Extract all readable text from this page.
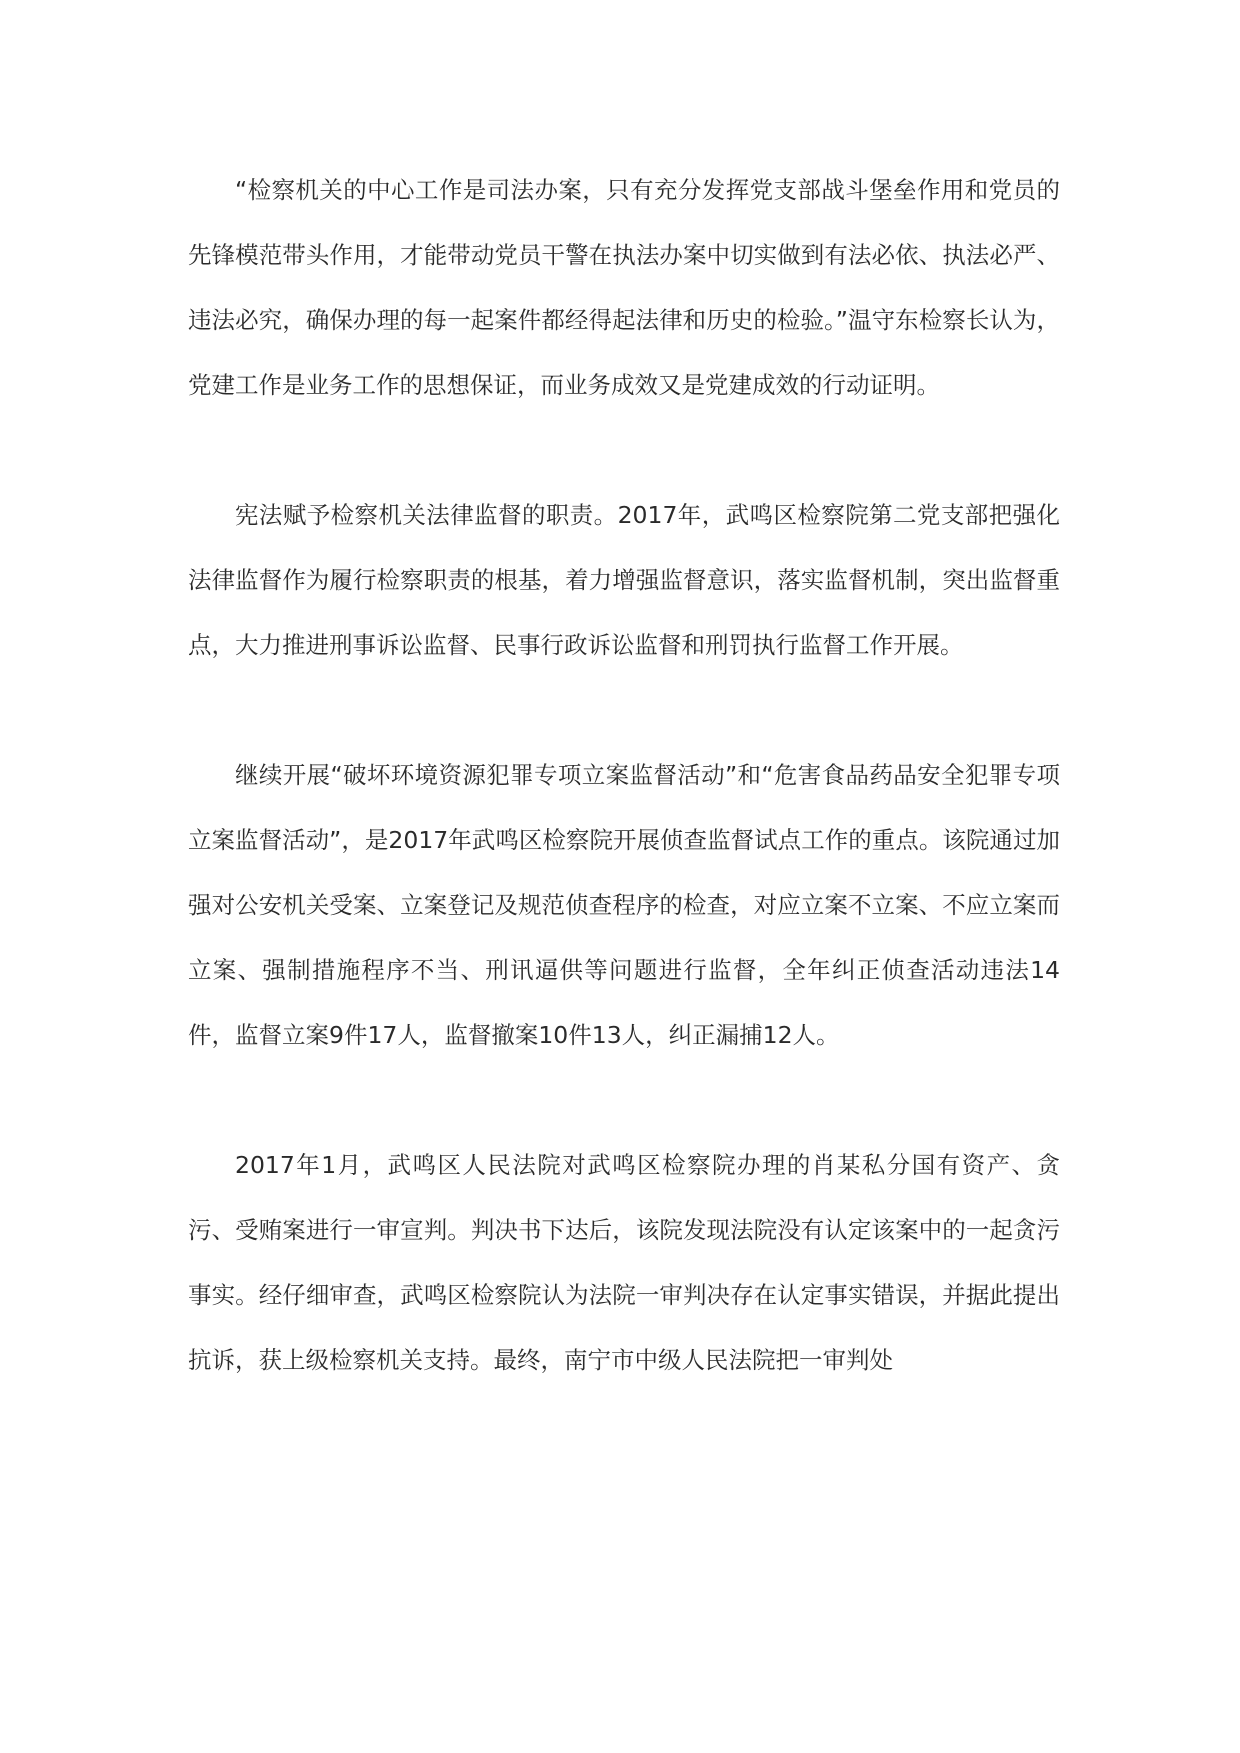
“检察机关的中心工作是司法办案，只有充分发挥党支部战斗堡垒作用和党员的先锋模范带头作用，才能带动党员干警在执法办案中切实做到有法必依、执法必严、违法必究，确保办理的每一起案件都经得起法律和历史的检验。”温守东检察长认为，党建工作是业务工作的思想保证，而业务成效又是党建成效的行动证明。

宪法赋予检察机关法律监督的职责。2017年，武鸣区检察院第二党支部把强化法律监督作为履行检察职责的根基，着力增强监督意识，落实监督机制，突出监督重点，大力推进刑事诉讼监督、民事行政诉讼监督和刑罚执行监督工作开展。

继续开展“破坏环境资源犯罪专项立案监督活动”和“危害食品药品安全犯罪专项立案监督活动”，是2017年武鸣区检察院开展侦查监督试点工作的重点。该院通过加强对公安机关受案、立案登记及规范侦查程序的检查，对应立案不立案、不应立案而立案、强制措施程序不当、刑讯逼供等问题进行监督，全年纠正侦查活动违法14件，监督立案9件17人，监督撤案10件13人，纠正漏捕12人。

2017年1月，武鸣区人民法院对武鸣区检察院办理的肖某私分国有资产、贪污、受贿案进行一审宣判。判决书下达后，该院发现法院没有认定该案中的一起贪污事实。经仔细审查，武鸣区检察院认为法院一审判决存在认定事实错误，并据此提出抗诉，获上级检察机关支持。最终，南宁市中级人民法院把一审判处
